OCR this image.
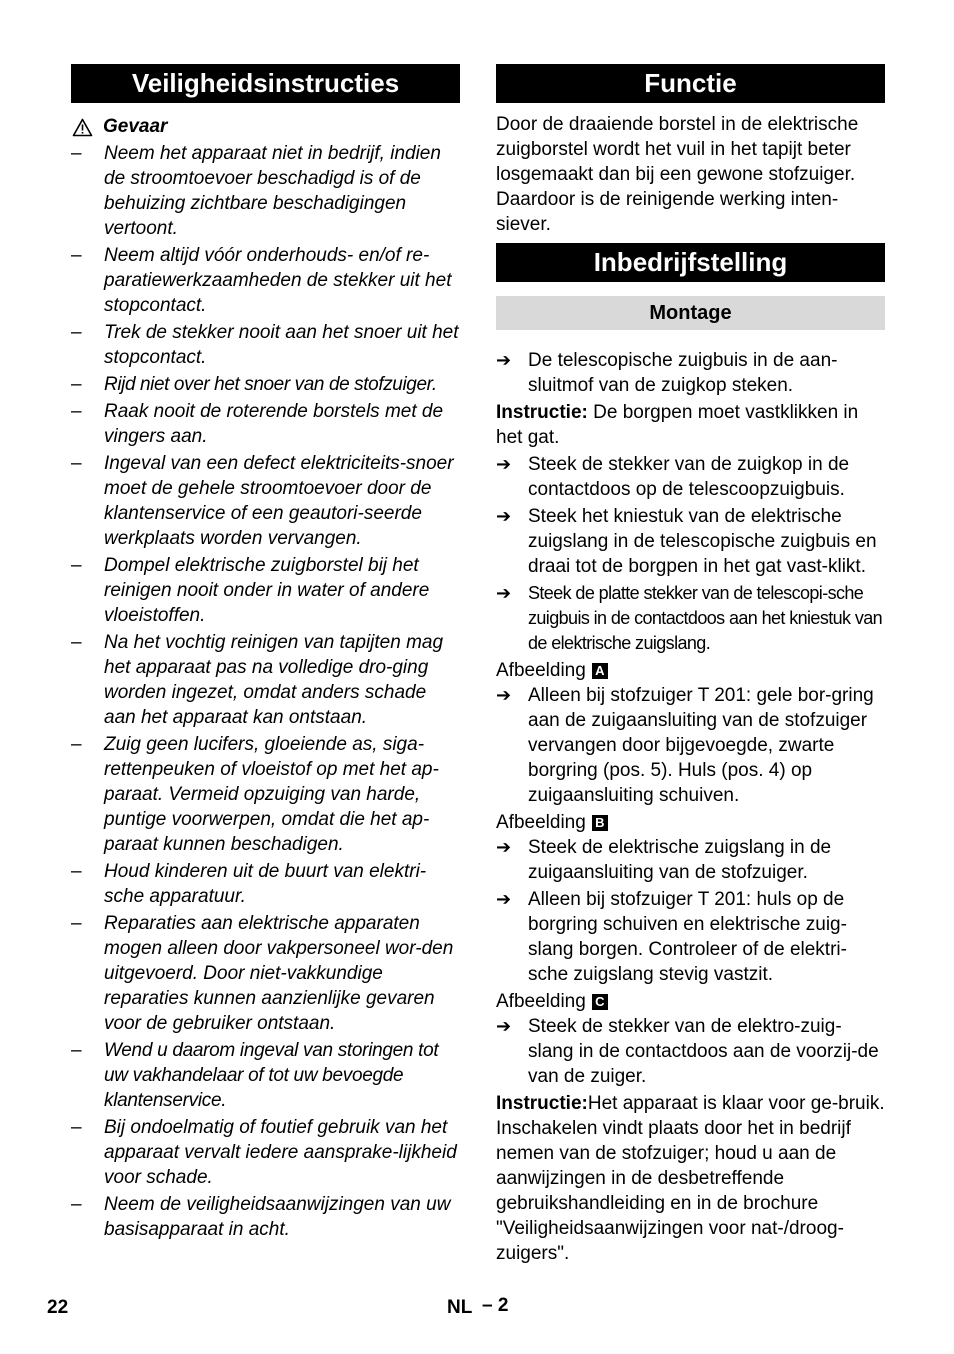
Veiligheidsinstructies
Gevaar
–	Neem het apparaat niet in bedrijf, indien de stroomtoevoer beschadigd is of de behuizing zichtbare beschadigingen vertoont.
–	Neem altijd vóór onderhouds- en/of re-paratiewerkzaamheden de stekker uit het stopcontact.
–	Trek de stekker nooit aan het snoer uit het stopcontact.
–	Rijd niet over het snoer van de stofzuiger.
–	Raak nooit de roterende borstels met de vingers aan.
–	Ingeval van een defect elektriciteits-snoer moet de gehele stroomtoevoer door de klantenservice of een geautori-seerde werkplaats worden vervangen.
–	Dompel elektrische zuigborstel bij het reinigen nooit onder in water of andere vloeistoffen.
–	Na het vochtig reinigen van tapijten mag het apparaat pas na volledige dro-ging worden ingezet, omdat anders schade aan het apparaat kan ontstaan.
–	Zuig geen lucifers, gloeiende as, siga-rettenpeuken of vloeistof op met het ap-paraat. Vermeid opzuiging van harde, puntige voorwerpen, omdat die het ap-paraat kunnen beschadigen.
–	Houd kinderen uit de buurt van elektri-sche apparatuur.
–	Reparaties aan elektrische apparaten mogen alleen door vakpersoneel wor-den uitgevoerd. Door niet-vakkundige reparaties kunnen aanzienlijke gevaren voor de gebruiker ontstaan.
–	Wend u daarom ingeval van storingen tot uw vakhandelaar of tot uw bevoegde klantenservice.
–	Bij ondoelmatig of foutief gebruik van het apparaat vervalt iedere aansprake-lijkheid voor schade.
–	Neem de veiligheidsaanwijzingen van uw basisapparaat in acht.
Functie

Door de draaiende borstel in de elektrische zuigborstel wordt het vuil in het tapijt beter losgemaakt dan bij een gewone stofzuiger. Daardoor is de reinigende werking inten-siever.

Inbedrijfstelling
Montage
➔ De telescopische zuigbuis in de aan-sluitmof van de zuigkop steken.

Instructie: De borgpen moet vastklikken in het gat.

➔ Steek de stekker van de zuigkop in de contactdoos op de telescoopzuigbuis.
➔ Steek het kniestuk van de elektrische zuigslang in de telescopische zuigbuis en draai tot de borgpen in het gat vast-klikt.
➔ Steek de platte stekker van de telescopi-sche zuigbuis in de contactdoos aan het kniestuk van de elektrische zuigslang.

Afbeelding A

➔ Alleen bij stofzuiger T 201: gele bor-gring aan de zuigaansluiting van de stofzuiger vervangen door bijgevoegde, zwarte borgring (pos. 5). Huls (pos. 4) op zuigaansluiting schuiven.

Afbeelding B

➔ Steek de elektrische zuigslang in de zuigaansluiting van de stofzuiger.
➔ Alleen bij stofzuiger T 201: huls op de borgring schuiven en elektrische zuig-slang borgen. Controleer of de elektri-sche zuigslang stevig vastzit.

Afbeelding C

➔ Steek de stekker van de elektro-zuig-slang in de contactdoos aan de voorzij-de van de zuiger.

Instructie:Het apparaat is klaar voor ge-bruik. Inschakelen vindt plaats door het in bedrijf nemen van de stofzuiger; houd u aan de aanwijzingen in de desbetreffende gebruikshandleiding en in de brochure "Veiligheidsaanwijzingen voor nat-/droog-zuigers".

22	NL – 2
